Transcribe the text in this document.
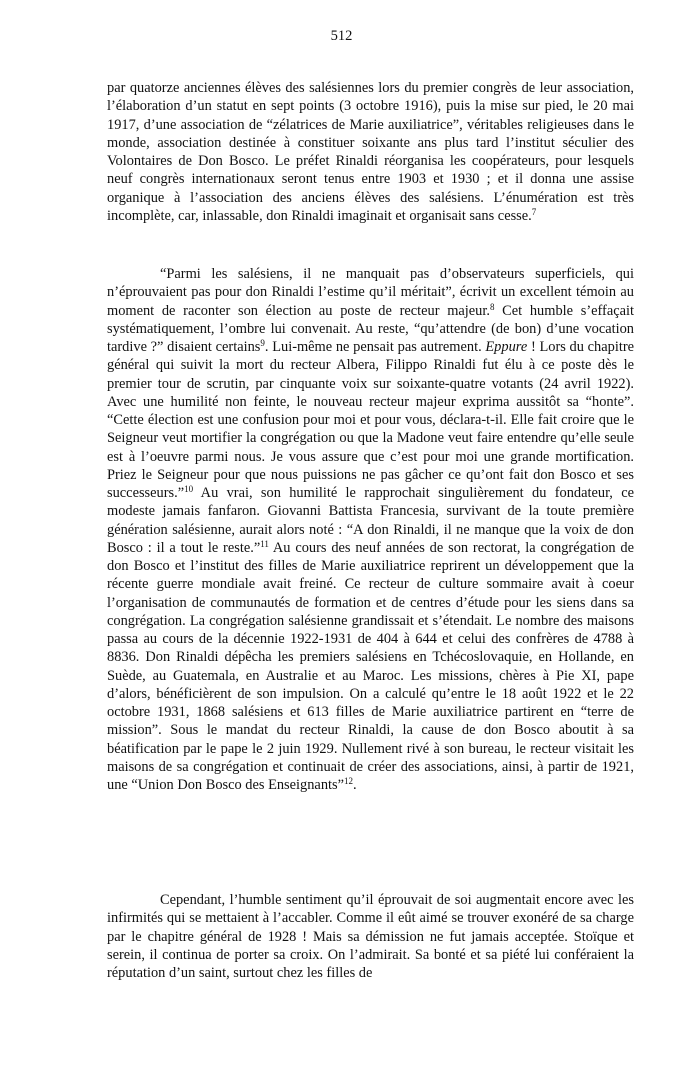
512

par quatorze anciennes élèves des salésiennes lors du premier congrès de leur association, l’élaboration d’un statut en sept points (3 octobre 1916), puis la mise sur pied, le 20 mai 1917, d’une association de “zélatrices de Marie auxiliatrice”, véritables religieuses dans le monde, association destinée à constituer soixante ans plus tard l’institut séculier des Volontaires de Don Bosco. Le préfet Rinaldi réorganisa les coopérateurs, pour lesquels neuf congrès internationaux seront tenus entre 1903 et 1930 ; et il donna une assise organique à l’association des anciens élèves des salésiens. L’énumération est très incomplète, car, inlassable, don Rinaldi imaginait et organisait sans cesse.$^7$

“Parmi les salésiens, il ne manquait pas d’observateurs superficiels, qui n’éprouvaient pas pour don Rinaldi l’estime qu’il méritait”, écrivit un excellent témoin au moment de raconter son élection au poste de recteur majeur.$^8$ Cet humble s’effaçait systématiquement, l’ombre lui convenait. Au reste, “qu’attendre (de bon) d’une vocation tardive ?” disaient certains$^9$. Lui-même ne pensait pas autrement. Eppure ! Lors du chapitre général qui suivit la mort du recteur Albera, Filippo Rinaldi fut élu à ce poste dès le premier tour de scrutin, par cinquante voix sur soixante-quatre votants (24 avril 1922). Avec une humilité non feinte, le nouveau recteur majeur exprima aussitôt sa “honte”. “Cette élection est une confusion pour moi et pour vous, déclara-t-il. Elle fait croire que le Seigneur veut mortifier la congrégation ou que la Madone veut faire entendre qu’elle seule est à l’oeuvre parmi nous. Je vous assure que c’est pour moi une grande mortification. Priez le Seigneur pour que nous puissions ne pas gâcher ce qu’ont fait don Bosco et ses successeurs.”$^{10}$ Au vrai, son humilité le rapprochait singulièrement du fondateur, ce modeste jamais fanfaron. Giovanni Battista Francesia, survivant de la toute première génération salésienne, aurait alors noté : “A don Rinaldi, il ne manque que la voix de don Bosco : il a tout le reste.”$^{11}$ Au cours des neuf années de son rectorat, la congrégation de don Bosco et l’institut des filles de Marie auxiliatrice reprirent un développement que la récente guerre mondiale avait freiné. Ce recteur de culture sommaire avait à coeur l’organisation de communautés de formation et de centres d’étude pour les siens dans sa congrégation. La congrégation salésienne grandissait et s’étendait. Le nombre des maisons passa au cours de la décennie 1922-1931 de 404 à 644 et celui des confrères de 4788 à 8836. Don Rinaldi dépêcha les premiers salésiens en Tchécoslovaquie, en Hollande, en Suède, au Guatemala, en Australie et au Maroc. Les missions, chères à Pie XI, pape d’alors, bénéficièrent de son impulsion. On a calculé qu’entre le 18 août 1922 et le 22 octobre 1931, 1868 salésiens et 613 filles de Marie auxiliatrice partirent en “terre de mission”. Sous le mandat du recteur Rinaldi, la cause de don Bosco aboutit à sa béatification par le pape le 2 juin 1929. Nullement rivé à son bureau, le recteur visitait les maisons de sa congrégation et continuait de créer des associations, ainsi, à partir de 1921, une “Union Don Bosco des Enseignants”$^{12}$.

Cependant, l’humble sentiment qu’il éprouvait de soi augmentait encore avec les infirmités qui se mettaient à l’accabler. Comme il eût aimé se trouver exonéré de sa charge par le chapitre général de 1928 ! Mais sa démission ne fut jamais acceptée. Stoïque et serein, il continua de porter sa croix. On l’admirait. Sa bonté et sa piété lui conféraient la réputation d’un saint, surtout chez les filles de
